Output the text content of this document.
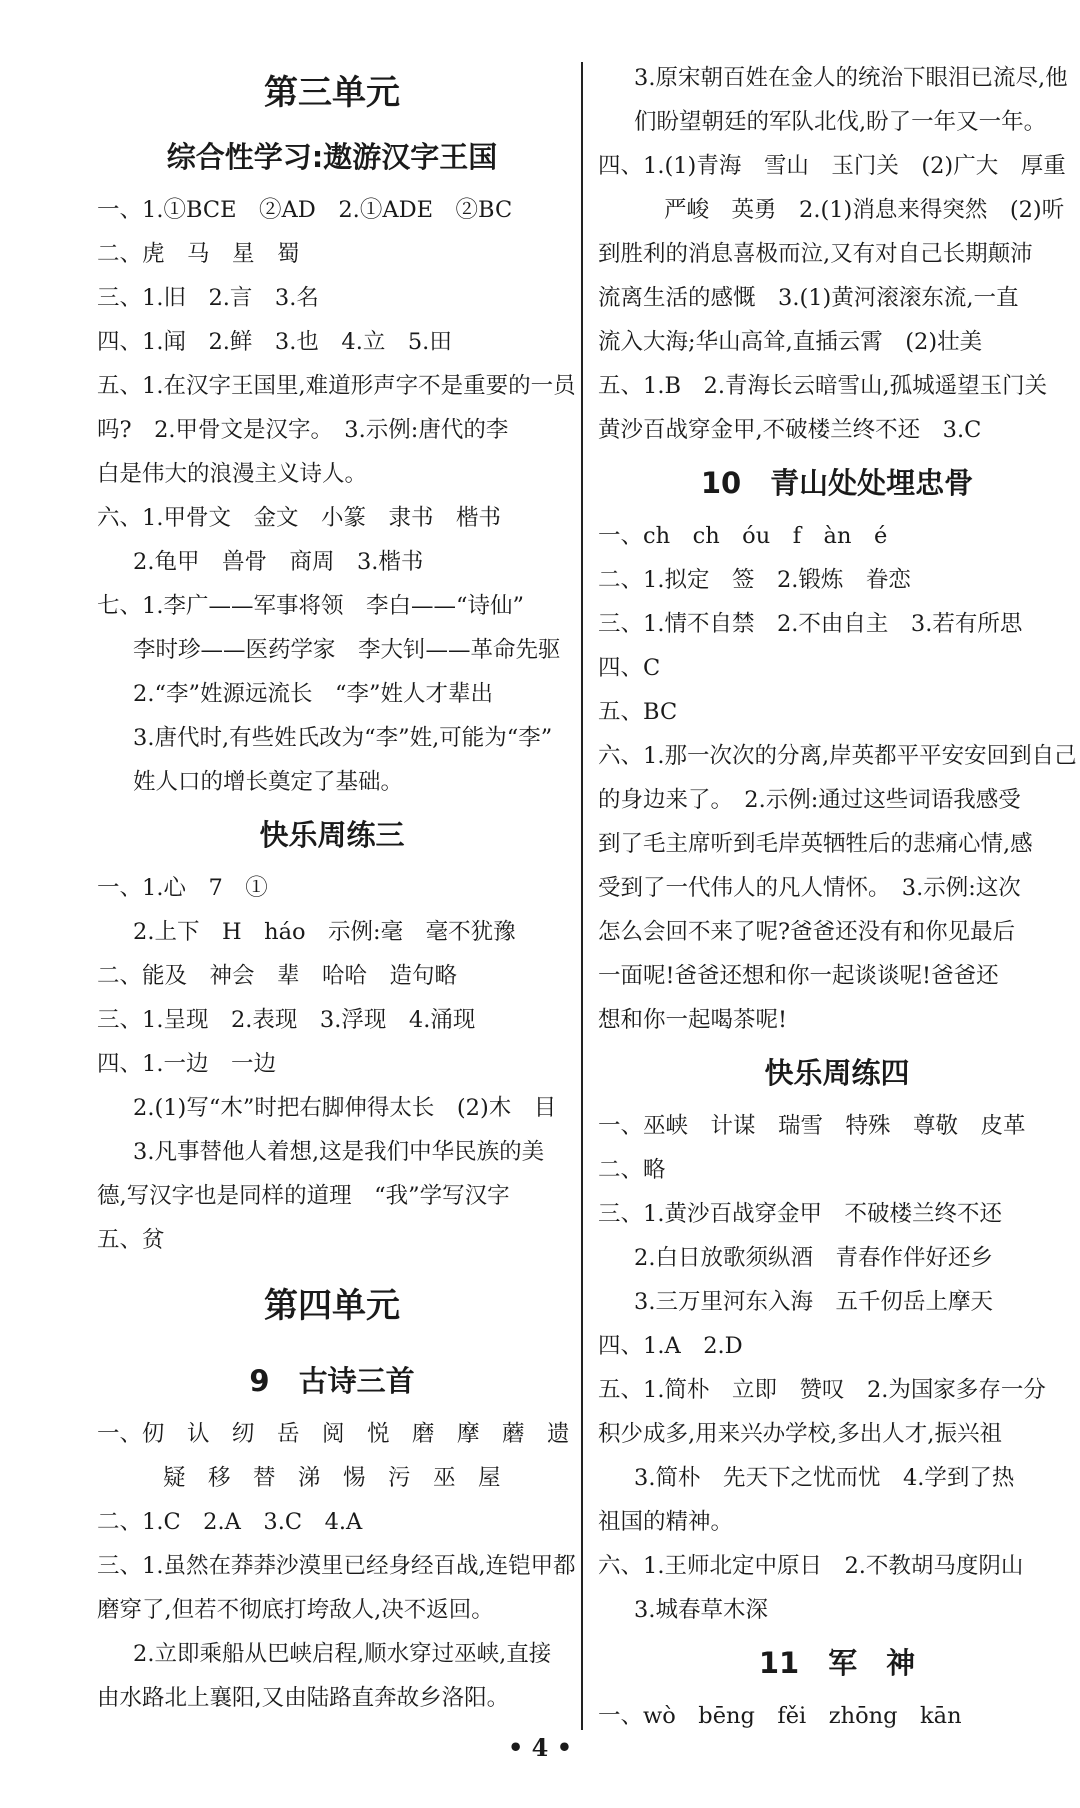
第三单元
综合性学习:遨游汉字王国
一、1.①BCE　②AD　2.①ADE　②BC
二、虎　马　星　蜀
三、1.旧　2.言　3.名
四、1.闻　2.鲜　3.也　4.立　5.田
五、1.在汉字王国里,难道形声字不是重要的一员
吗?　2.甲骨文是汉字。　3.示例:唐代的李
白是伟大的浪漫主义诗人。
六、1.甲骨文　金文　小篆　隶书　楷书
2.龟甲　兽骨　商周　3.楷书
七、1.李广——军事将领　李白——“诗仙”
李时珍——医药学家　李大钊——革命先驱
2.“李”姓源远流长　“李”姓人才辈出
3.唐代时,有些姓氏改为“李”姓,可能为“李”
姓人口的增长奠定了基础。
快乐周练三
一、1.心　7　①
2.上下　H　háo　示例:毫　毫不犹豫
二、能及　神会　辈　哈哈　造句略
三、1.呈现　2.表现　3.浮现　4.涌现
四、1.一边　一边
2.(1)写“木”时把右脚伸得太长　(2)木　目
3.凡事替他人着想,这是我们中华民族的美
德,写汉字也是同样的道理　“我”学写汉字
五、贫
第四单元
9　古诗三首
一、仞　认　纫　岳　阅　悦　磨　摩　蘑　遗
疑　移　替　涕　惕　污　巫　屋
二、1.C　2.A　3.C　4.A
三、1.虽然在莽莽沙漠里已经身经百战,连铠甲都
磨穿了,但若不彻底打垮敌人,决不返回。
2.立即乘船从巴峡启程,顺水穿过巫峡,直接
由水路北上襄阳,又由陆路直奔故乡洛阳。
3.原宋朝百姓在金人的统治下眼泪已流尽,他
们盼望朝廷的军队北伐,盼了一年又一年。
四、1.(1)青海　雪山　玉门关　(2)广大　厚重
严峻　英勇　2.(1)消息来得突然　(2)听
到胜利的消息喜极而泣,又有对自己长期颠沛
流离生活的感慨　3.(1)黄河滚滚东流,一直
流入大海;华山高耸,直插云霄　(2)壮美
五、1.B　2.青海长云暗雪山,孤城遥望玉门关
黄沙百战穿金甲,不破楼兰终不还　3.C
10　青山处处埋忠骨
一、ch　ch　óu　f　àn　é
二、1.拟定　签　2.锻炼　眷恋
三、1.情不自禁　2.不由自主　3.若有所思
四、C
五、BC
六、1.那一次次的分离,岸英都平平安安回到自己
的身边来了。　2.示例:通过这些词语我感受
到了毛主席听到毛岸英牺牲后的悲痛心情,感
受到了一代伟人的凡人情怀。　3.示例:这次
怎么会回不来了呢?爸爸还没有和你见最后
一面呢!爸爸还想和你一起谈谈呢!爸爸还
想和你一起喝茶呢!
快乐周练四
一、巫峡　计谋　瑞雪　特殊　尊敬　皮革
二、略
三、1.黄沙百战穿金甲　不破楼兰终不还
2.白日放歌须纵酒　青春作伴好还乡
3.三万里河东入海　五千仞岳上摩天
四、1.A　2.D
五、1.简朴　立即　赞叹　2.为国家多存一分
积少成多,用来兴办学校,多出人才,振兴祖
3.简朴　先天下之忧而忧　4.学到了热
祖国的精神。
六、1.王师北定中原日　2.不教胡马度阴山
3.城春草木深
11　军　神
一、wò　bēng　fěi　zhōng　kān
• 4 •
